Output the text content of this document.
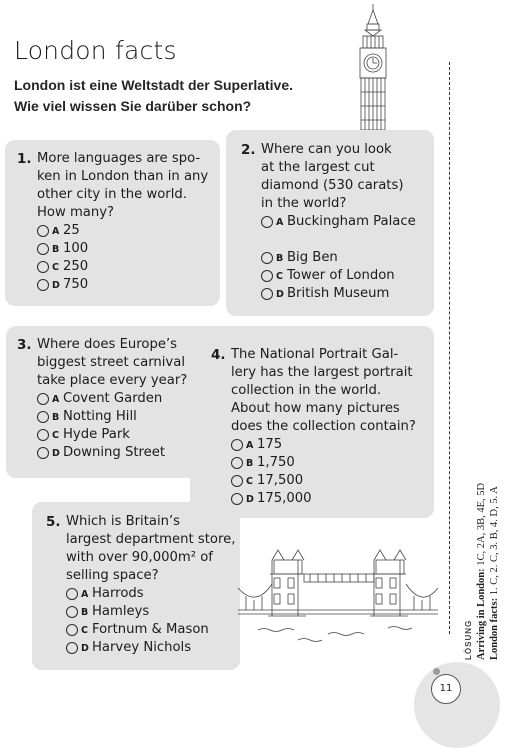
London facts
London ist eine Weltstadt der Superlative.
Wie viel wissen Sie darüber schon?
1. More languages are spo-
ken in London than in any
other city in the world.
How many?
A 25
B 100
C 250
D 750
2. Where can you look
at the largest cut
diamond (530 carats)
in the world?
A Buckingham Palace
B Big Ben
C Tower of London
D British Museum
3. Where does Europe’s
biggest street carnival
take place every year?
A Covent Garden
B Notting Hill
C Hyde Park
D Downing Street
4. The National Portrait Gal-
lery has the largest portrait
collection in the world.
About how many pictures
does the collection contain?
A 175
B 1,750
C 17,500
D 175,000
5. Which is Britain’s
largest department store,
with over 90,000m² of
selling space?
A Harrods
B Hamleys
C Fortnum & Mason
D Harvey Nichols	LÖSUNG Arriving in London: 1C, 2A, 3B, 4E, 5D
London facts: 1. C, 2. C, 3. B, 4. D, 5. A
11
